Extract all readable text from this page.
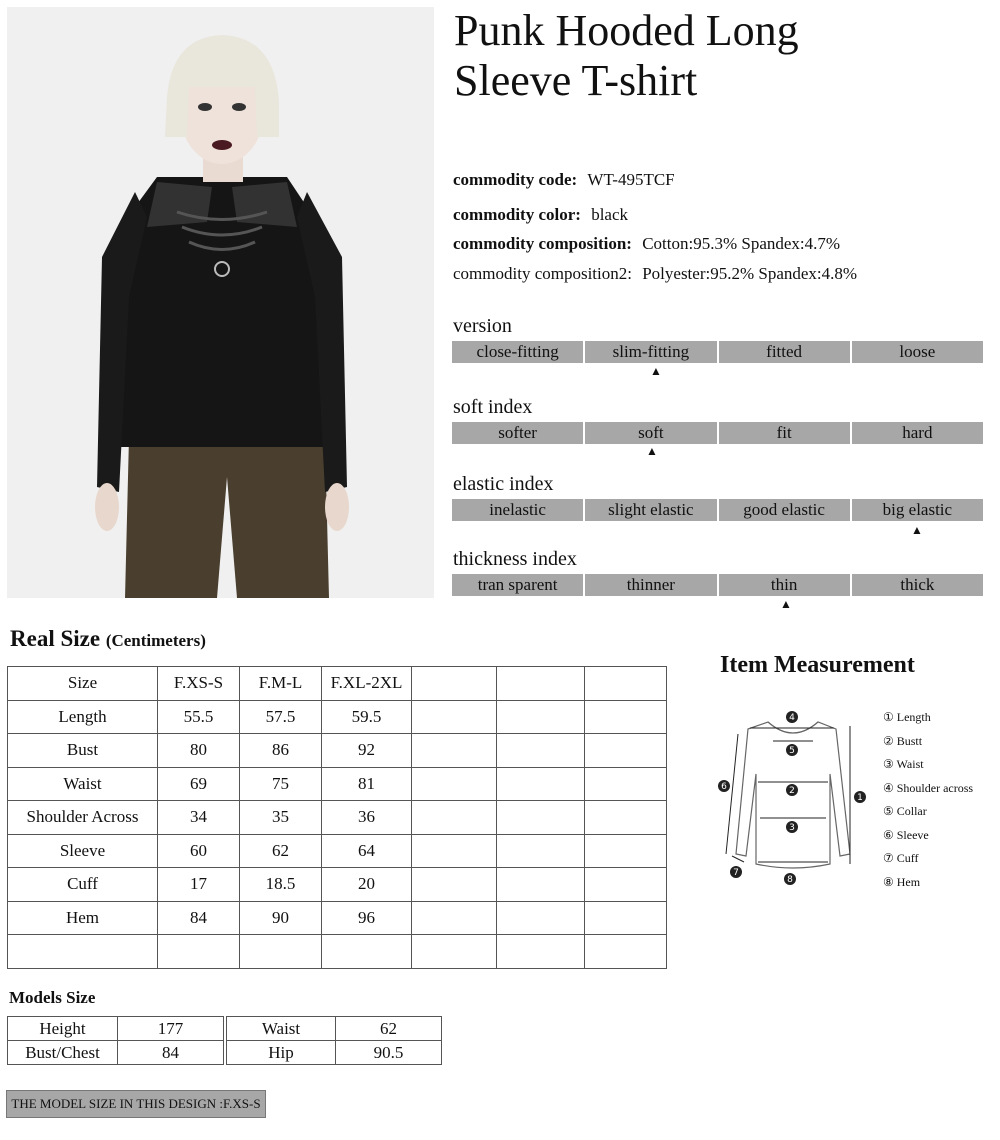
Punk Hooded Long
Sleeve T-shirt
commodity code: WT-495TCF
commodity color: black
commodity composition: Cotton:95.3% Spandex:4.7%
commodity composition2: Polyester:95.2% Spandex:4.8%
version
close-fitting	slim-fitting	fitted	loose
▲
soft index
softer	soft	fit	hard
▲
elastic index
inelastic	slight elastic	good elastic	big elastic
▲
thickness index
tran sparent	thinner	thin	thick
▲
Real Size (Centimeters)
Size	F.XS-S	F.M-L	F.XL-2XL			
Length	55.5	57.5	59.5			
Bust	80	86	92			
Waist	69	75	81			
Shoulder Across	34	35	36			
Sleeve	60	62	64			
Cuff	17	18.5	20			
Hem	84	90	96			

Item Measurement
4
5
2
3
1
6
7
8
① Length
② Bustt
③ Waist
④ Shoulder across
⑤ Collar
⑥ Sleeve
⑦ Cuff
⑧ Hem
Models Size
Height	177
Bust/Chest	84
Waist	62
Hip	90.5
THE MODEL SIZE IN THIS DESIGN :F.XS-S
